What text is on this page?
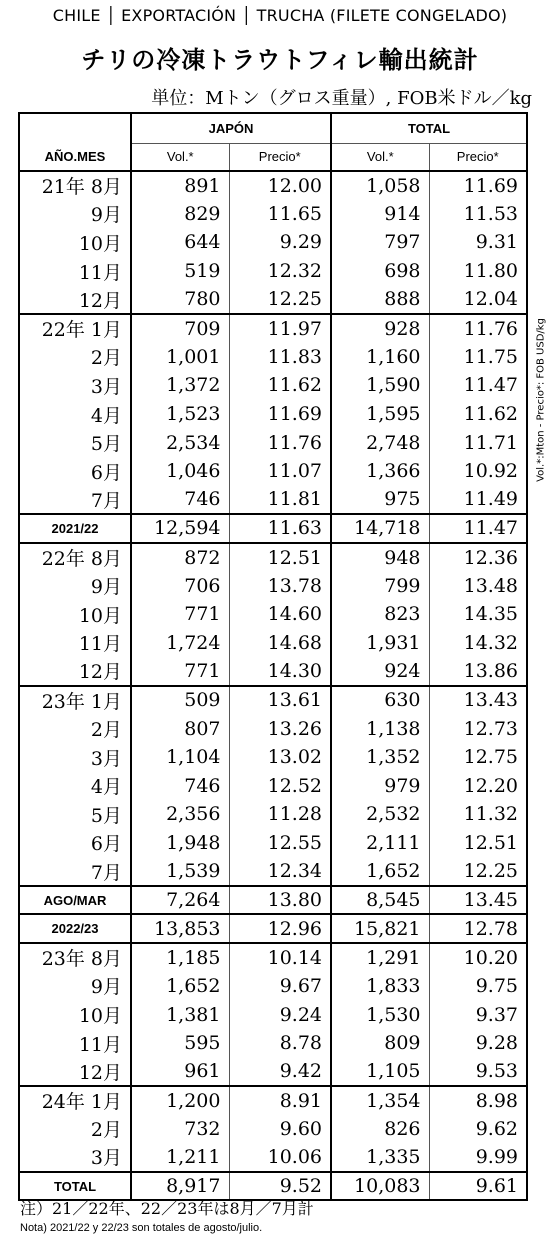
CHILE │ EXPORTACIÓN │ TRUCHA (FILETE CONGELADO)
チリの冷凍トラウトフィレ輸出統計
単位：Mトン（グロス重量）, FOB米ドル／kg
Vol.*:Mton - Precio*: FOB USD/kg
	JAPÓN		TOTAL	
AÑO.MES	Vol.*	Precio*	Vol.*	Precio*
21年 8月	891	12.00	1,058	11.69
9月	829	11.65	914	11.53
10月	644	9.29	797	9.31
11月	519	12.32	698	11.80
12月	780	12.25	888	12.04
22年 1月	709	11.97	928	11.76
2月	1,001	11.83	1,160	11.75
3月	1,372	11.62	1,590	11.47
4月	1,523	11.69	1,595	11.62
5月	2,534	11.76	2,748	11.71
6月	1,046	11.07	1,366	10.92
7月	746	11.81	975	11.49
2021/22	12,594	11.63	14,718	11.47
22年 8月	872	12.51	948	12.36
9月	706	13.78	799	13.48
10月	771	14.60	823	14.35
11月	1,724	14.68	1,931	14.32
12月	771	14.30	924	13.86
23年 1月	509	13.61	630	13.43
2月	807	13.26	1,138	12.73
3月	1,104	13.02	1,352	12.75
4月	746	12.52	979	12.20
5月	2,356	11.28	2,532	11.32
6月	1,948	12.55	2,111	12.51
7月	1,539	12.34	1,652	12.25
AGO/MAR	7,264	13.80	8,545	13.45
2022/23	13,853	12.96	15,821	12.78
23年 8月	1,185	10.14	1,291	10.20
9月	1,652	9.67	1,833	9.75
10月	1,381	9.24	1,530	9.37
11月	595	8.78	809	9.28
12月	961	9.42	1,105	9.53
24年 1月	1,200	8.91	1,354	8.98
2月	732	9.60	826	9.62
3月	1,211	10.06	1,335	9.99
TOTAL	8,917	9.52	10,083	9.61
注）21／22年、22／23年は8月／7月計
Nota) 2021/22 y 22/23 son totales de agosto/julio.
